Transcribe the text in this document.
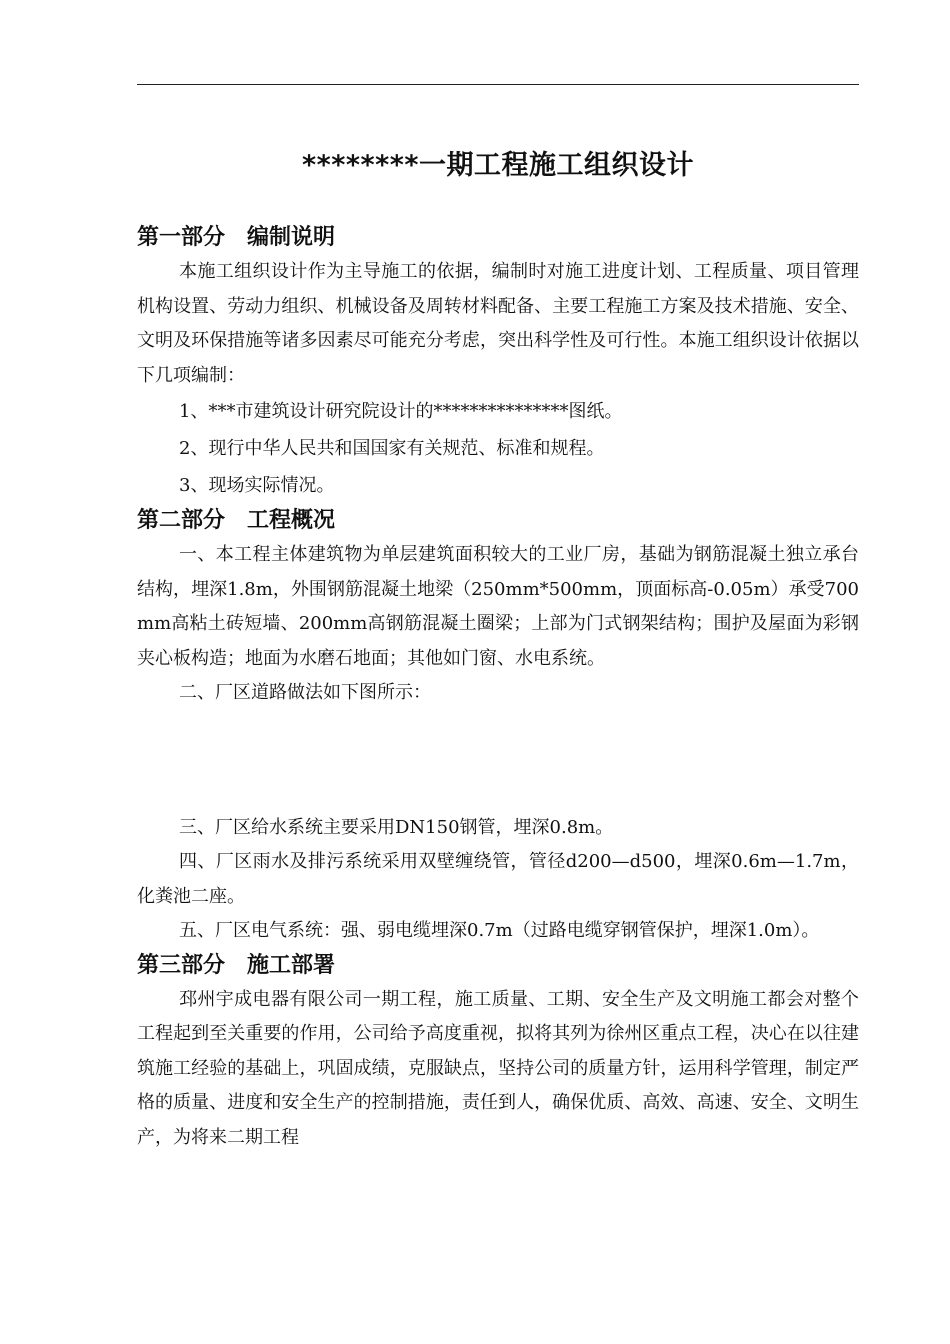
********一期工程施工组织设计

第一部分　编制说明

本施工组织设计作为主导施工的依据，编制时对施工进度计划、工程质量、项目管理机构设置、劳动力组织、机械设备及周转材料配备、主要工程施工方案及技术措施、安全、文明及环保措施等诸多因素尽可能充分考虑，突出科学性及可行性。本施工组织设计依据以下几项编制：

1、***市建筑设计研究院设计的***************图纸。

2、现行中华人民共和国国家有关规范、标准和规程。

3、现场实际情况。

第二部分　工程概况

一、本工程主体建筑物为单层建筑面积较大的工业厂房，基础为钢筋混凝土独立承台结构，埋深1.8m，外围钢筋混凝土地梁（250mm*500mm，顶面标高-0.05m）承受700mm高粘土砖短墙、200mm高钢筋混凝土圈梁；上部为门式钢架结构；围护及屋面为彩钢夹心板构造；地面为水磨石地面；其他如门窗、水电系统。

二、厂区道路做法如下图所示：

三、厂区给水系统主要采用DN150钢管，埋深0.8m。

四、厂区雨水及排污系统采用双壁缠绕管，管径d200—d500，埋深0.6m—1.7m，化粪池二座。

五、厂区电气系统：强、弱电缆埋深0.7m（过路电缆穿钢管保护，埋深1.0m）。

第三部分　施工部署

邳州宇成电器有限公司一期工程，施工质量、工期、安全生产及文明施工都会对整个工程起到至关重要的作用，公司给予高度重视，拟将其列为徐州区重点工程，决心在以往建筑施工经验的基础上，巩固成绩，克服缺点，坚持公司的质量方针，运用科学管理，制定严格的质量、进度和安全生产的控制措施，责任到人，确保优质、高效、高速、安全、文明生产，为将来二期工程
